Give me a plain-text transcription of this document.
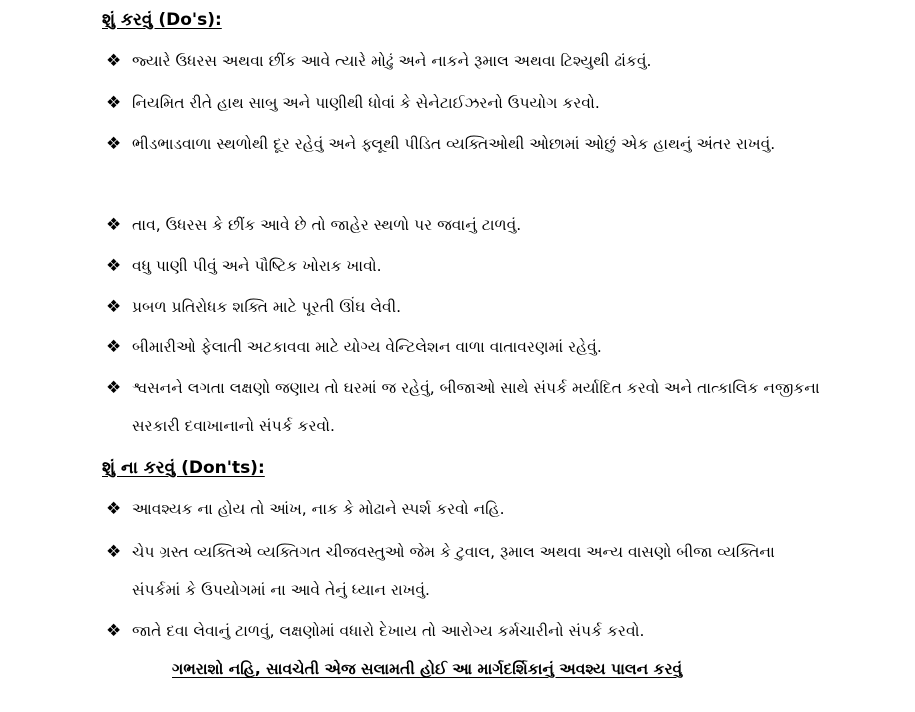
શું કરવું (Do's):
❖ જ્યારે ઉધરસ અથવા છીંક આવે ત્યારે મોઢું અને નાકને રૂમાલ અથવા ટિશ્યુથી ઢાંકવું.
❖ નિયમિત રીતે હાથ સાબુ અને પાણીથી ધોવાં કે સેનેટાઈઝરનો ઉપયોગ કરવો.
❖ ભીડભાડવાળા સ્થળોથી દૂર રહેવું અને ફ્લૂથી પીડિત વ્યક્તિઓથી ઓછામાં ઓછું એક હાથનું અંતર રાખવું.
❖ તાવ, ઉધરસ કે છીંક આવે છે તો જાહેર સ્થળો પર જવાનું ટાળવું.
❖ વધુ પાણી પીવું અને પૌષ્ટિક ખોરાક ખાવો.
❖ પ્રબળ પ્રતિરોધક શક્તિ માટે પૂરતી ઊંઘ લેવી.
❖ બીમારીઓ ફેલાતી અટકાવવા માટે યોગ્ય વેન્ટિલેશન વાળા વાતાવરણમાં રહેવું.
❖ શ્વસનને લગતા લક્ષણો જણાય તો ઘરમાં જ રહેવું, બીજાઓ સાથે સંપર્ક મર્યાદિત કરવો અને તાત્કાલિક નજીકના સરકારી દવાખાનાનો સંપર્ક કરવો.
શું ના કરવું (Don'ts):
❖ આવશ્યક ના હોય તો આંખ, નાક કે મોઢાને સ્પર્શ કરવો નહિ.
❖ ચેપ ગ્રસ્ત વ્યક્તિએ વ્યક્તિગત ચીજવસ્તુઓ જેમ કે ટુવાલ, રૂમાલ અથવા અન્ય વાસણો બીજા વ્યક્તિના સંપર્કમાં કે ઉપયોગમાં ના આવે તેનું ધ્યાન રાખવું.
❖ જાતે દવા લેવાનું ટાળવું, લક્ષણોમાં વધારો દેખાય તો આરોગ્ય કર્મચારીનો સંપર્ક કરવો.
ગભરાશો નહિ, સાવચેતી એજ સલામતી હોઈ આ માર્ગદર્શિકાનું અવશ્ય પાલન કરવું
